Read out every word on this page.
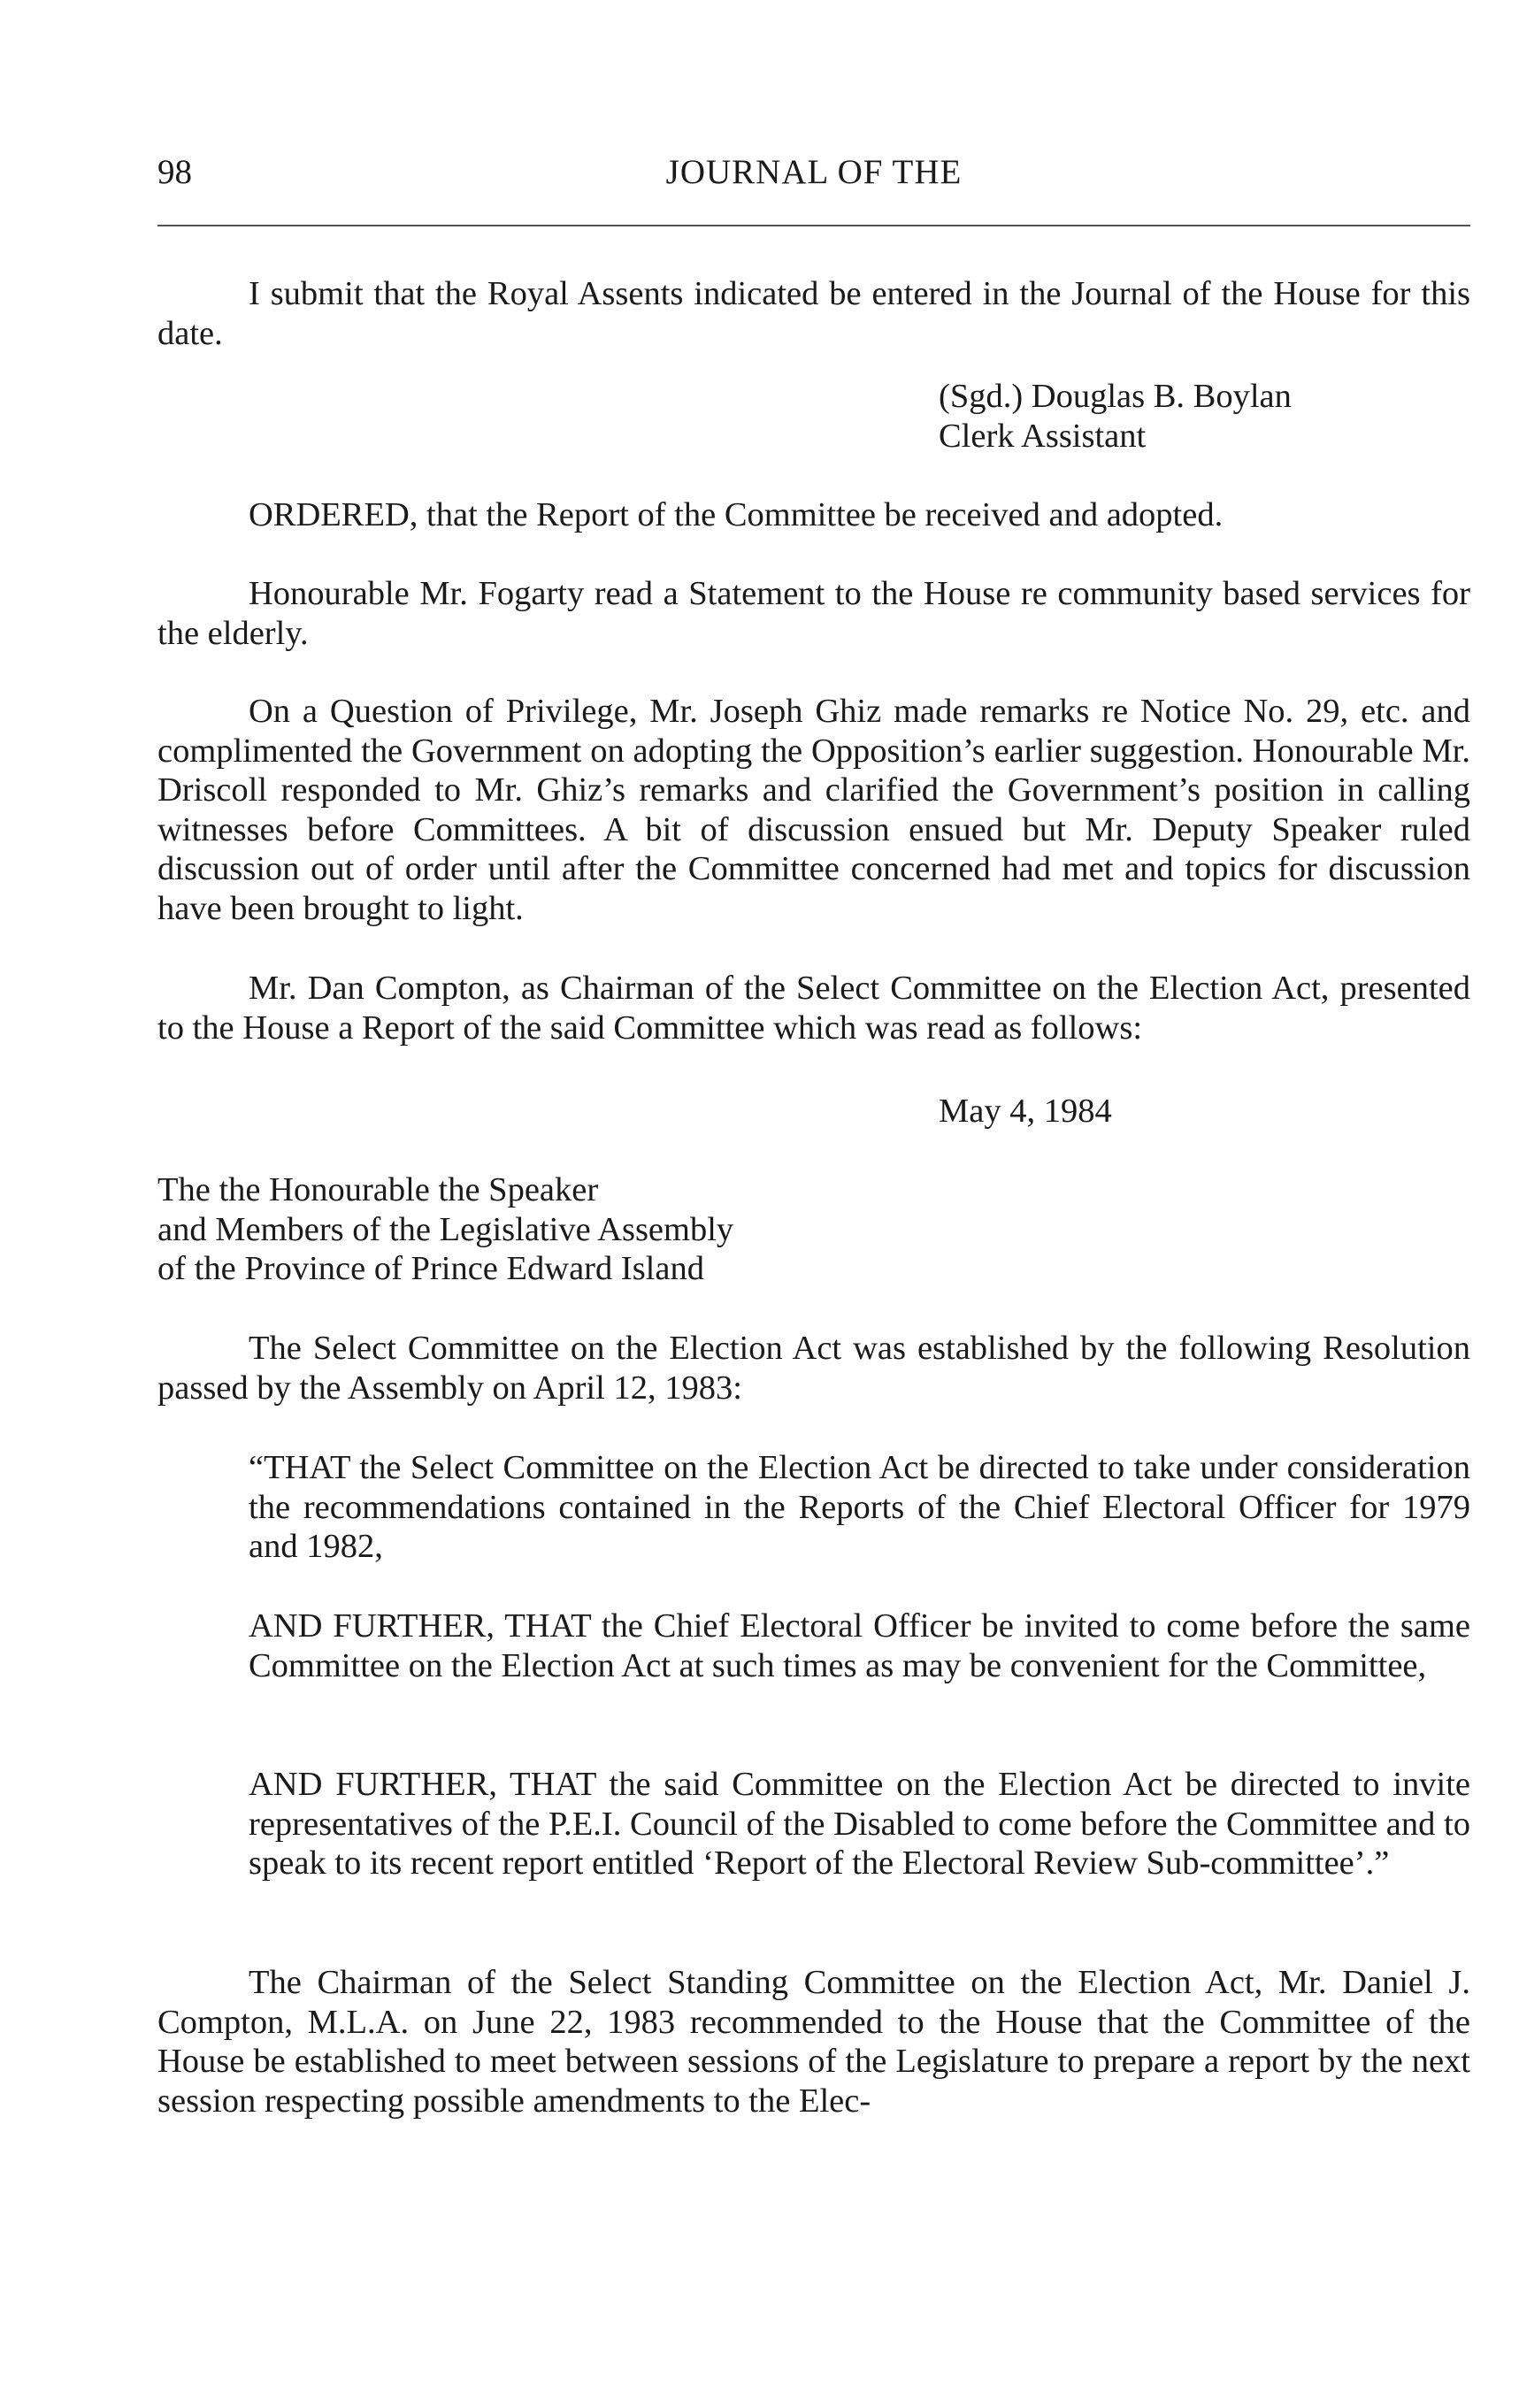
98	JOURNAL OF THE

I submit that the Royal Assents indicated be entered in the Journal of the House for this date.

(Sgd.) Douglas B. Boylan
Clerk Assistant

ORDERED, that the Report of the Committee be received and adopted.

Honourable Mr. Fogarty read a Statement to the House re community based services for the elderly.

On a Question of Privilege, Mr. Joseph Ghiz made remarks re Notice No. 29, etc. and complimented the Government on adopting the Opposition’s earlier suggestion. Honourable Mr. Driscoll responded to Mr. Ghiz’s remarks and clarified the Government’s position in calling witnesses before Committees. A bit of discussion ensued but Mr. Deputy Speaker ruled discussion out of order until after the Committee concerned had met and topics for discussion have been brought to light.

Mr. Dan Compton, as Chairman of the Select Committee on the Election Act, presented to the House a Report of the said Committee which was read as follows:

May 4, 1984
The the Honourable the Speaker
and Members of the Legislative Assembly
of the Province of Prince Edward Island

The Select Committee on the Election Act was established by the following Resolution passed by the Assembly on April 12, 1983:

“THAT the Select Committee on the Election Act be directed to take under consideration the recommendations contained in the Reports of the Chief Electoral Officer for 1979 and 1982,

AND FURTHER, THAT the Chief Electoral Officer be invited to come before the same Committee on the Election Act at such times as may be convenient for the Committee,

AND FURTHER, THAT the said Committee on the Election Act be directed to invite representatives of the P.E.I. Council of the Disabled to come before the Committee and to speak to its recent report entitled ‘Report of the Electoral Review Sub-committee’.”

The Chairman of the Select Standing Committee on the Election Act, Mr. Daniel J. Compton, M.L.A. on June 22, 1983 recommended to the House that the Committee of the House be established to meet between sessions of the Legislature to prepare a report by the next session respecting possible amendments to the Elec-
